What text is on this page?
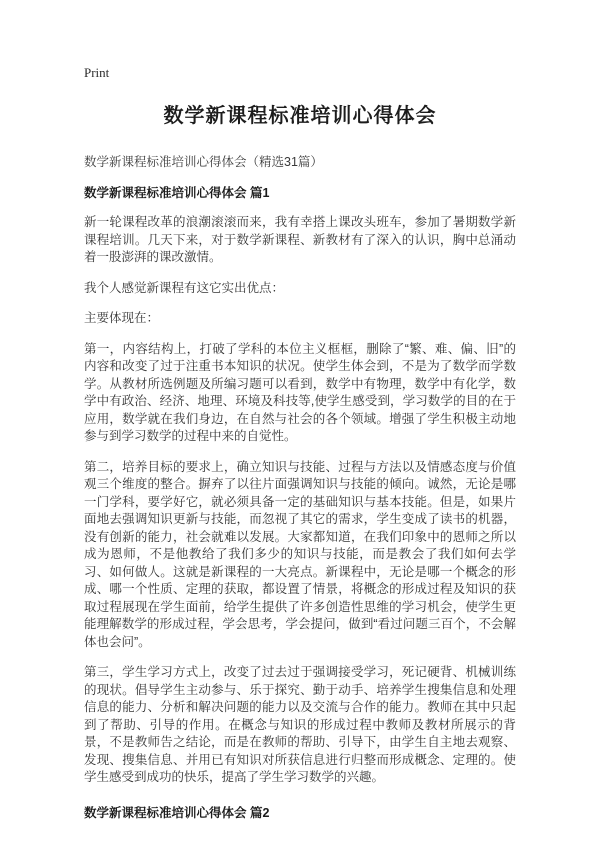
Print
数学新课程标准培训心得体会

数学新课程标准培训心得体会（精选31篇）

数学新课程标准培训心得体会 篇1

新一轮课程改革的浪潮滚滚而来，我有幸搭上课改头班车，参加了暑期数学新课程培训。几天下来，对于数学新课程、新教材有了深入的认识，胸中总涌动着一股澎湃的课改激情。

我个人感觉新课程有这它实出优点：

主要体现在：

第一，内容结构上，打破了学科的本位主义框框，删除了“繁、难、偏、旧”的内容和改变了过于注重书本知识的状况。使学生体会到，不是为了数学而学数学。从教材所选例题及所编习题可以看到，数学中有物理，数学中有化学，数学中有政治、经济、地理、环境及科技等,使学生感受到，学习数学的目的在于应用，数学就在我们身边，在自然与社会的各个领域。增强了学生积极主动地参与到学习数学的过程中来的自觉性。

第二，培养目标的要求上，确立知识与技能、过程与方法以及情感态度与价值观三个维度的整合。摒弃了以往片面强调知识与技能的倾向。诚然，无论是哪一门学科，要学好它，就必须具备一定的基础知识与基本技能。但是，如果片面地去强调知识更新与技能，而忽视了其它的需求，学生变成了读书的机器，没有创新的能力，社会就难以发展。大家都知道，在我们印象中的恩师之所以成为恩师，不是他教给了我们多少的知识与技能，而是教会了我们如何去学习、如何做人。这就是新课程的一大亮点。新课程中，无论是哪一个概念的形成、哪一个性质、定理的获取，都设置了情景，将概念的形成过程及知识的获取过程展现在学生面前，给学生提供了许多创造性思维的学习机会，使学生更能理解数学的形成过程，学会思考，学会提问，做到“看过问题三百个，不会解体也会问”。

第三，学生学习方式上，改变了过去过于强调接受学习，死记硬背、机械训练的现状。倡导学生主动参与、乐于探究、勤于动手、培养学生搜集信息和处理信息的能力、分析和解决问题的能力以及交流与合作的能力。教师在其中只起到了帮助、引导的作用。在概念与知识的形成过程中教师及教材所展示的背景，不是教师告之结论，而是在教师的帮助、引导下，由学生自主地去观察、发现、搜集信息、并用已有知识对所获信息进行归整而形成概念、定理的。使学生感受到成功的快乐，提高了学生学习数学的兴趣。

数学新课程标准培训心得体会 篇2
